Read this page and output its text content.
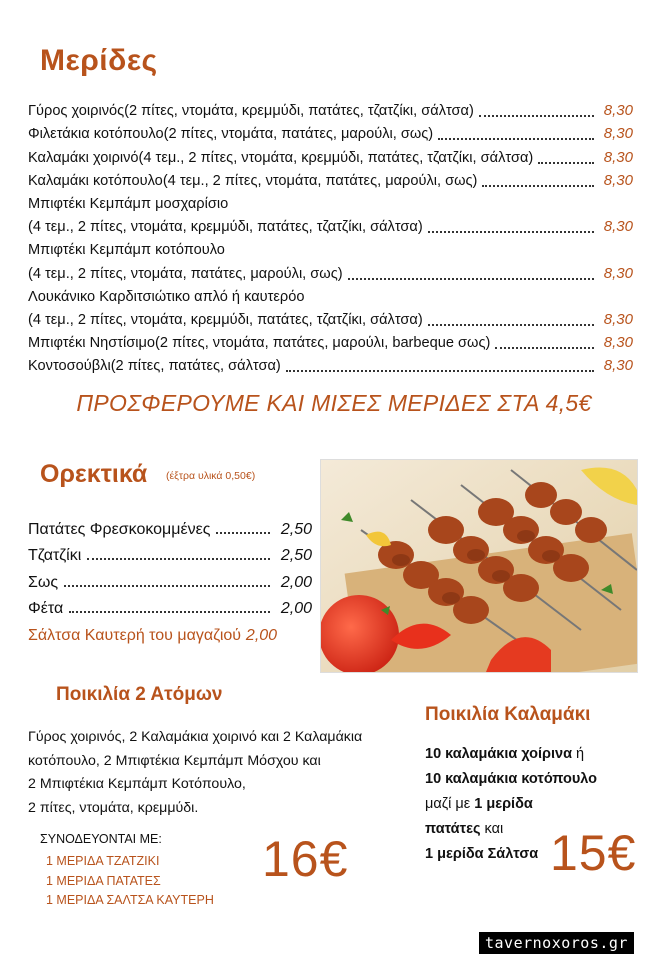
Μερίδες
Γύρος χοιρινός (2 πίτες, ντομάτα, κρεμμύδι, πατάτες, τζατζίκι, σάλτσα)	8,30
Φιλετάκια κοτόπουλο (2 πίτες, ντομάτα, πατάτες, μαρούλι, σως)	8,30
Καλαμάκι χοιρινό (4 τεμ., 2 πίτες, ντομάτα, κρεμμύδι, πατάτες, τζατζίκι, σάλτσα)	8,30
Καλαμάκι κοτόπουλο (4 τεμ., 2 πίτες, ντομάτα, πατάτες, μαρούλι, σως)	8,30
Μπιφτέκι Κεμπάμπ μοσχαρίσιο
(4 τεμ., 2 πίτες, ντομάτα, κρεμμύδι, πατάτες, τζατζίκι, σάλτσα)	8,30
Μπιφτέκι Κεμπάμπ κοτόπουλο
(4 τεμ., 2 πίτες, ντομάτα, πατάτες, μαρούλι, σως)	8,30
Λουκάνικο Καρδιτσιώτικο απλό ή καυτερόο
(4 τεμ., 2 πίτες, ντομάτα, κρεμμύδι, πατάτες, τζατζίκι, σάλτσα)	8,30
Μπιφτέκι Νηστίσιμο (2 πίτες, ντομάτα, πατάτες, μαρούλι, barbeque σως)	8,30
Κοντοσούβλι (2 πίτες, πατάτες, σάλτσα)	8,30
ΠΡΟΣΦΕΡΟΥΜΕ ΚΑΙ ΜΙΣΕΣ ΜΕΡΙΔΕΣ ΣΤΑ 4,5€
Ορεκτικά (έξτρα υλικά 0,50€)
Πατάτες Φρεσκοκομμένες	2,50
Τζατζίκι	2,50
Σως	2,00
Φέτα	2,00
Σάλτσα Καυτερή του μαγαζιού 2,00
Ποικιλία 2 Ατόμων
Γύρος χοιρινός, 2 Καλαμάκια χοιρινό και 2 Καλαμάκια
κοτόπουλο, 2 Μπιφτέκια Κεμπάμπ Μόσχου και
2 Μπιφτέκια Κεμπάμπ Κοτόπουλο,
2 πίτες, ντομάτα, κρεμμύδι.
ΣΥΝΟΔΕΥΟΝΤΑΙ ΜΕ:
1 ΜΕΡΙΔΑ ΤΖΑΤΖΙΚΙ
1 ΜΕΡΙΔΑ ΠΑΤΑΤΕΣ
1 ΜΕΡΙΔΑ ΣΑΛΤΣΑ ΚΑΥΤΕΡΗ
16€
Ποικιλία Καλαμάκι
10 καλαμάκια χοίρινα ή
10 καλαμάκια κοτόπουλο
μαζί με 1 μερίδα
πατάτες και
1 μερίδα Σάλτσα 15€
tavernoxoros.gr
